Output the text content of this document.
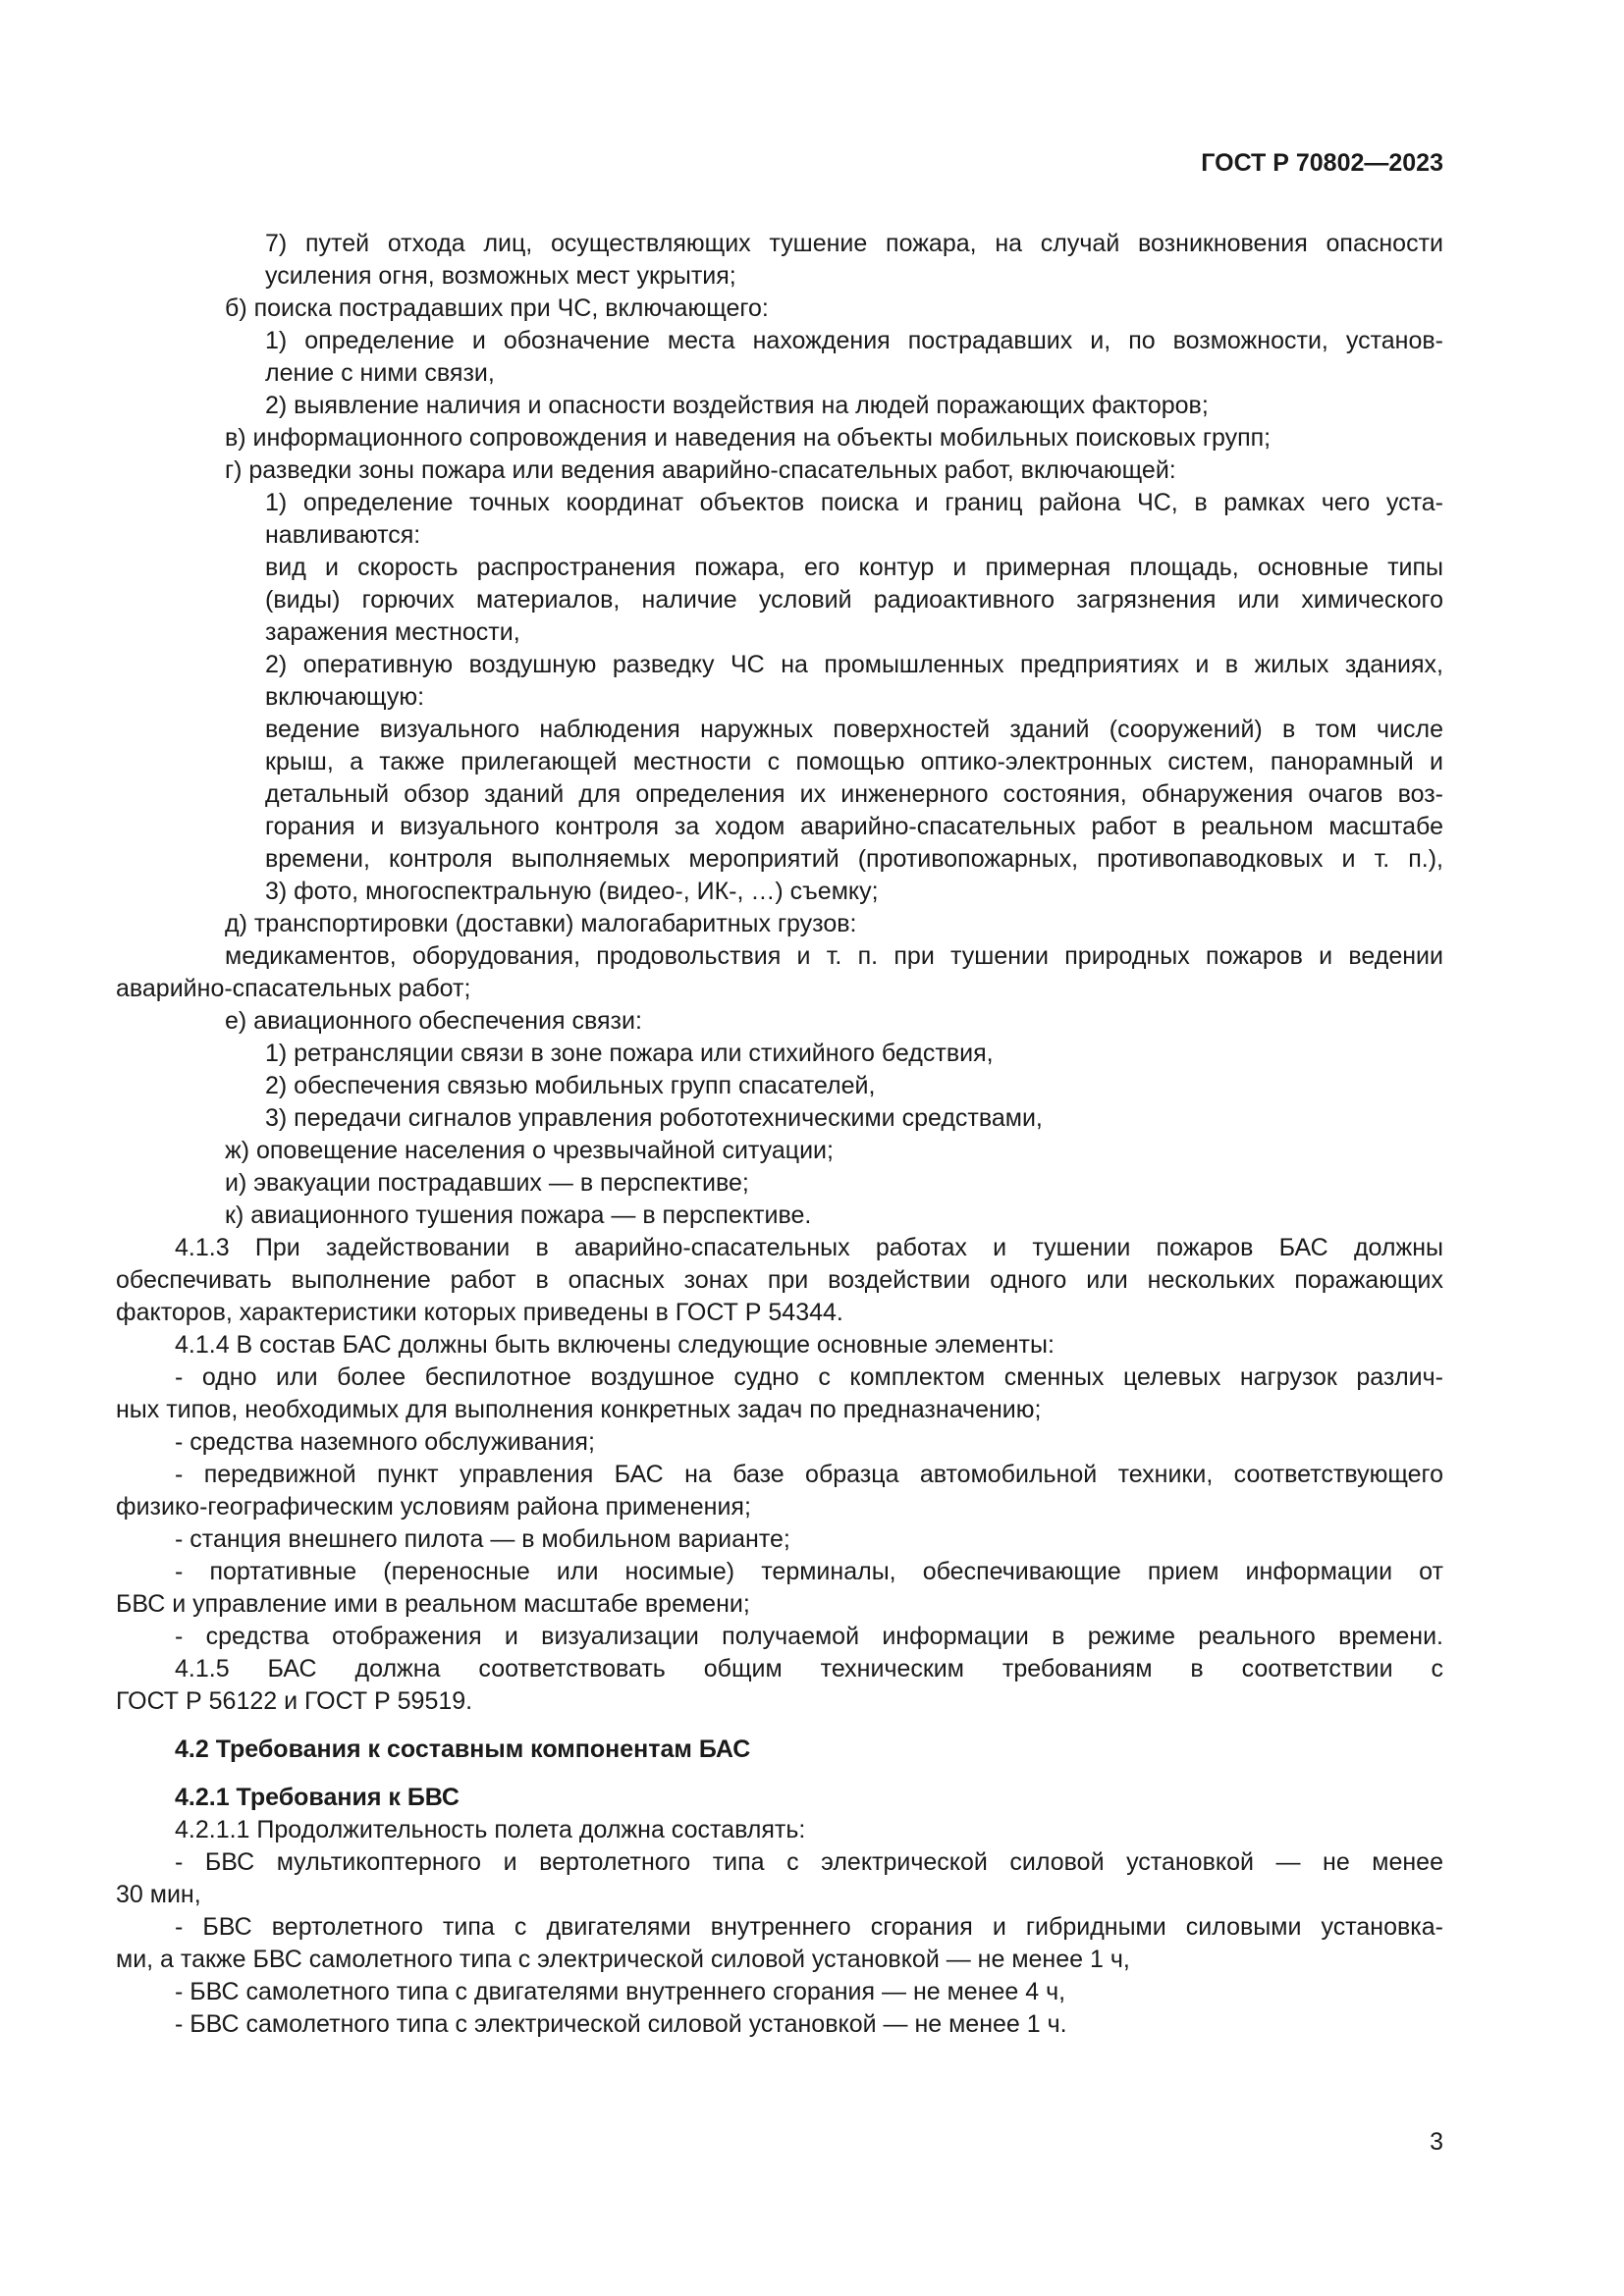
ГОСТ Р 70802—2023
7) путей отхода лиц, осуществляющих тушение пожара, на случай возникновения опасности
усиления огня, возможных мест укрытия;
б) поиска пострадавших при ЧС, включающего:
1) определение и обозначение места нахождения пострадавших и, по возможности, установ-
ление с ними связи,
2) выявление наличия и опасности воздействия на людей поражающих факторов;
в) информационного сопровождения и наведения на объекты мобильных поисковых групп;
г) разведки зоны пожара или ведения аварийно-спасательных работ, включающей:
1) определение точных координат объектов поиска и границ района ЧС, в рамках чего уста-
навливаются:
вид и скорость распространения пожара, его контур и примерная площадь, основные типы
(виды) горючих материалов, наличие условий радиоактивного загрязнения или химического
заражения местности,
2) оперативную воздушную разведку ЧС на промышленных предприятиях и в жилых зданиях,
включающую:
ведение визуального наблюдения наружных поверхностей зданий (сооружений) в том числе
крыш, а также прилегающей местности с помощью оптико-электронных систем, панорамный и
детальный обзор зданий для определения их инженерного состояния, обнаружения очагов воз-
горания и визуального контроля за ходом аварийно-спасательных работ в реальном масштабе
времени, контроля выполняемых мероприятий (противопожарных, противопаводковых и т. п.),
3) фото, многоспектральную (видео-, ИК-, …) съемку;
д) транспортировки (доставки) малогабаритных грузов:
медикаментов, оборудования, продовольствия и т. п. при тушении природных пожаров и ведении
аварийно-спасательных работ;
е) авиационного обеспечения связи:
1) ретрансляции связи в зоне пожара или стихийного бедствия,
2) обеспечения связью мобильных групп спасателей,
3) передачи сигналов управления робототехническими средствами,
ж) оповещение населения о чрезвычайной ситуации;
и) эвакуации пострадавших — в перспективе;
к) авиационного тушения пожара — в перспективе.
4.1.3 При задействовании в аварийно-спасательных работах и тушении пожаров БАС должны
обеспечивать выполнение работ в опасных зонах при воздействии одного или нескольких поражающих
факторов, характеристики которых приведены в ГОСТ Р 54344.
4.1.4 В состав БАС должны быть включены следующие основные элементы:
- одно или более беспилотное воздушное судно с комплектом сменных целевых нагрузок различ-
ных типов, необходимых для выполнения конкретных задач по предназначению;
- средства наземного обслуживания;
- передвижной пункт управления БАС на базе образца автомобильной техники, соответствующего
физико-географическим условиям района применения;
- станция внешнего пилота — в мобильном варианте;
- портативные (переносные или носимые) терминалы, обеспечивающие прием информации от
БВС и управление ими в реальном масштабе времени;
- средства отображения и визуализации получаемой информации в режиме реального времени.
4.1.5 БАС должна соответствовать общим техническим требованиям в соответствии с
ГОСТ Р 56122 и ГОСТ Р 59519.
4.2 Требования к составным компонентам БАС
4.2.1 Требования к БВС
4.2.1.1 Продолжительность полета должна составлять:
- БВС мультикоптерного и вертолетного типа с электрической силовой установкой — не менее
30 мин,
- БВС вертолетного типа с двигателями внутреннего сгорания и гибридными силовыми установка-
ми, а также БВС самолетного типа с электрической силовой установкой — не менее 1 ч,
- БВС самолетного типа с двигателями внутреннего сгорания — не менее 4 ч,
- БВС самолетного типа с электрической силовой установкой — не менее 1 ч.
3
